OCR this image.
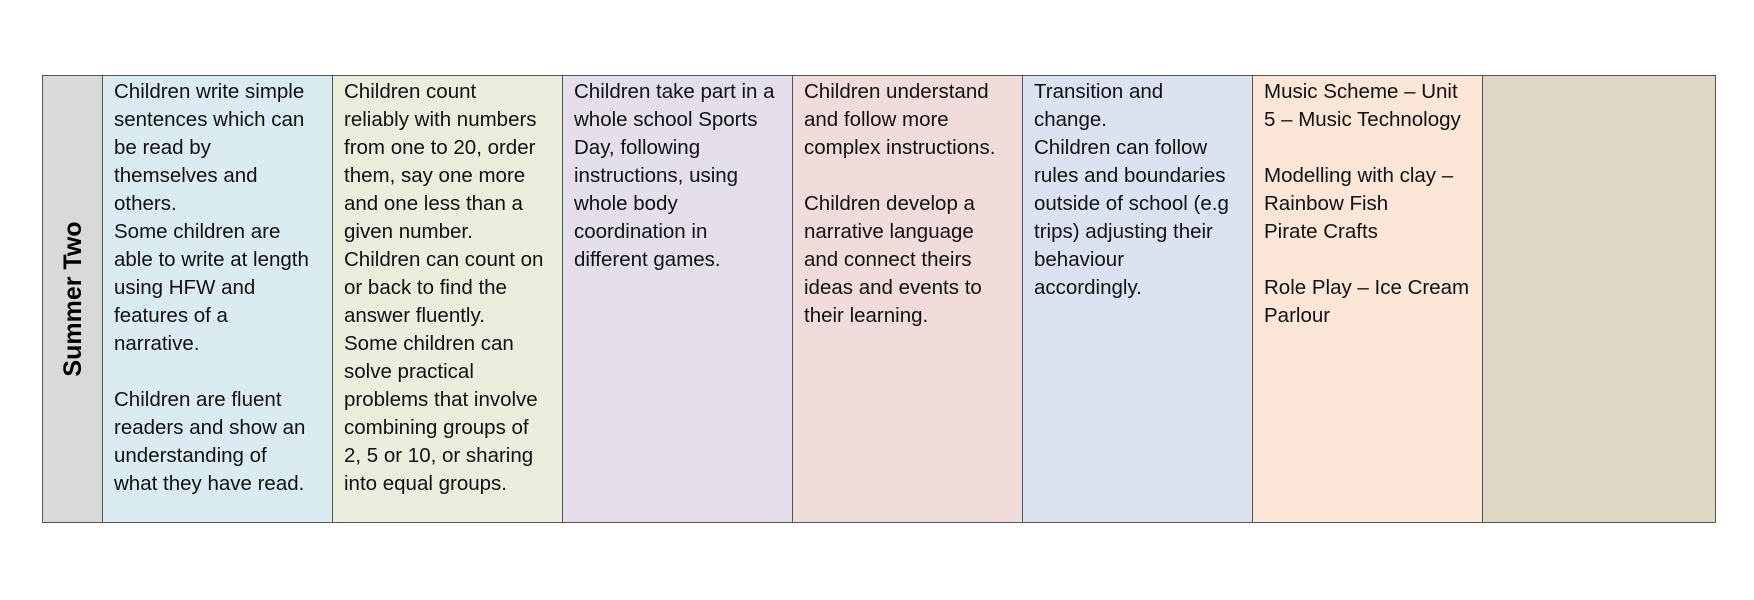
Summer Two
Children write simple
sentences which can
be read by
themselves and
others.
Some children are
able to write at length
using HFW and
features of a
narrative.
Children are fluent
readers and show an
understanding of
what they have read.
Children count
reliably with numbers
from one to 20, order
them, say one more
and one less than a
given number.
Children can count on
or back to find the
answer fluently.
Some children can
solve practical
problems that involve
combining groups of
2, 5 or 10, or sharing
into equal groups.
Children take part in a
whole school Sports
Day, following
instructions, using
whole body
coordination in
different games.
Children understand
and follow more
complex instructions.
Children develop a
narrative language
and connect theirs
ideas and events to
their learning.
Transition and
change.
Children can follow
rules and boundaries
outside of school (e.g
trips) adjusting their
behaviour
accordingly.
Music Scheme – Unit
5 – Music Technology
Modelling with clay –
Rainbow Fish
Pirate Crafts
Role Play – Ice Cream
Parlour
